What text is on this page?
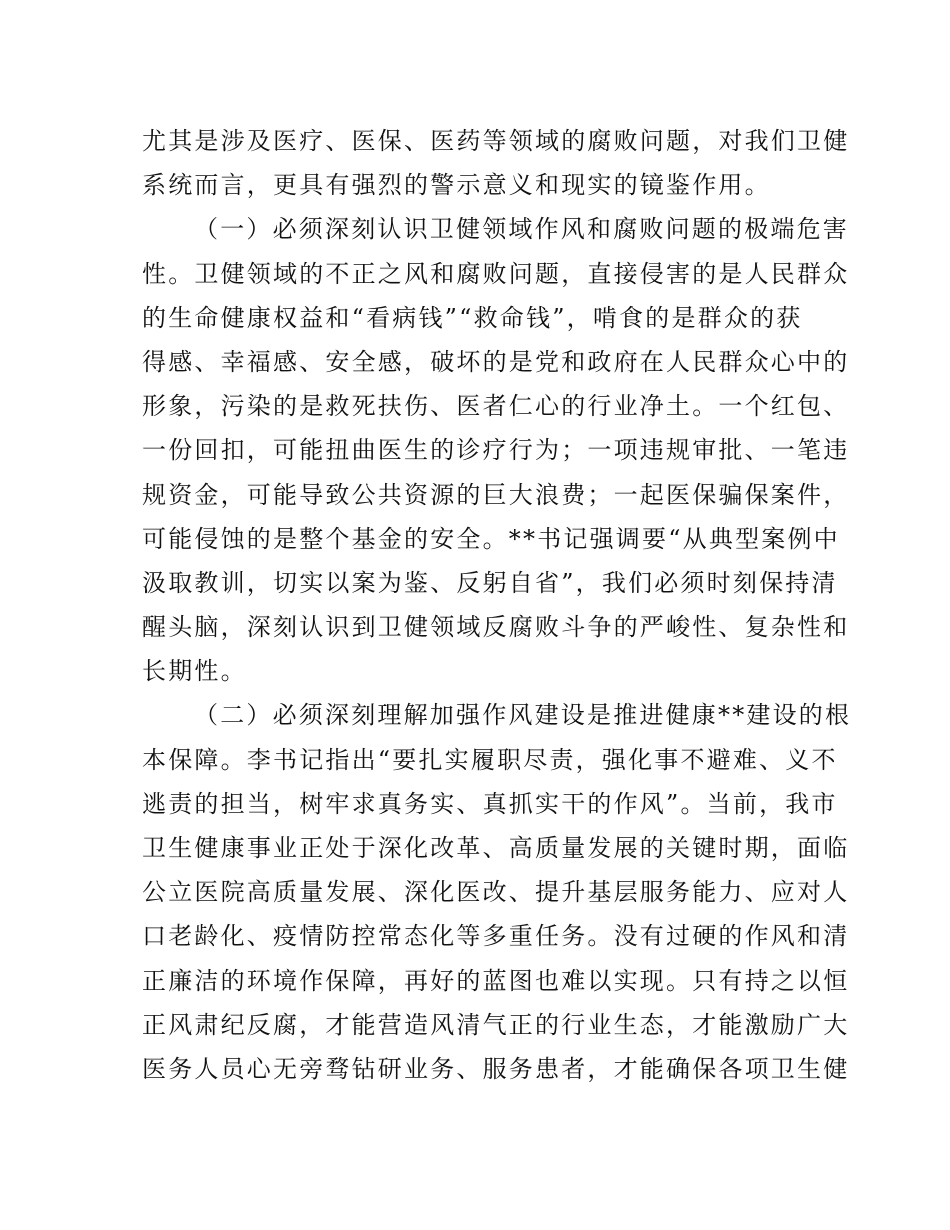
尤其是涉及医疗、医保、医药等领域的腐败问题，对我们卫健
系统而言，更具有强烈的警示意义和现实的镜鉴作用。
（一）必须深刻认识卫健领域作风和腐败问题的极端危害
性。卫健领域的不正之风和腐败问题，直接侵害的是人民群众
的生命健康权益和“看病钱”“救命钱”，啃食的是群众的获
得感、幸福感、安全感，破坏的是党和政府在人民群众心中的
形象，污染的是救死扶伤、医者仁心的行业净土。一个红包、
一份回扣，可能扭曲医生的诊疗行为；一项违规审批、一笔违
规资金，可能导致公共资源的巨大浪费；一起医保骗保案件，
可能侵蚀的是整个基金的安全。**书记强调要“从典型案例中
汲取教训，切实以案为鉴、反躬自省”，我们必须时刻保持清
醒头脑，深刻认识到卫健领域反腐败斗争的严峻性、复杂性和
长期性。
（二）必须深刻理解加强作风建设是推进健康**建设的根
本保障。李书记指出“要扎实履职尽责，强化事不避难、义不
逃责的担当，树牢求真务实、真抓实干的作风”。当前，我市
卫生健康事业正处于深化改革、高质量发展的关键时期，面临
公立医院高质量发展、深化医改、提升基层服务能力、应对人
口老龄化、疫情防控常态化等多重任务。没有过硬的作风和清
正廉洁的环境作保障，再好的蓝图也难以实现。只有持之以恒
正风肃纪反腐，才能营造风清气正的行业生态，才能激励广大
医务人员心无旁骛钻研业务、服务患者，才能确保各项卫生健
